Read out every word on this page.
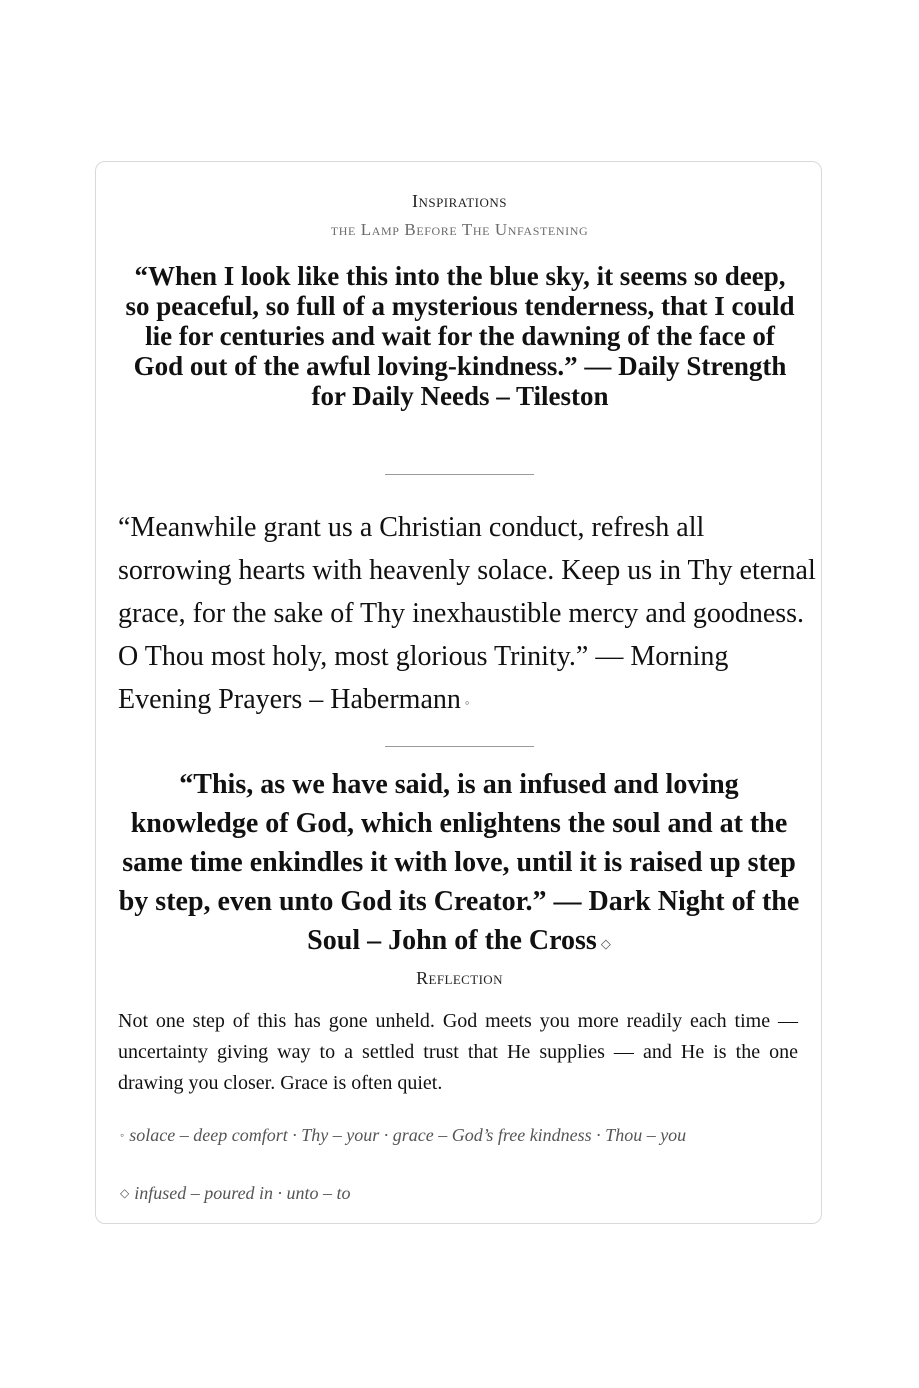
Inspirations
the Lamp Before The Unfastening
“When I look like this into the blue sky, it seems so deep, so peaceful, so full of a mysterious tenderness, that I could lie for centuries and wait for the dawning of the face of God out of the awful loving-kindness.” — Daily Strength for Daily Needs – Tileston
“Meanwhile grant us a Christian conduct, refresh all sorrowing hearts with heavenly solace. Keep us in Thy eternal grace, for the sake of Thy inexhaustible mercy and goodness. O Thou most holy, most glorious Trinity.” — Morning Evening Prayers – Habermann ◦
“This, as we have said, is an infused and loving knowledge of God, which enlightens the soul and at the same time enkindles it with love, until it is raised up step by step, even unto God its Creator.” — Dark Night of the Soul – John of the Cross ◇
Reflection
Not one step of this has gone unheld. God meets you more readily each time — uncertainty giving way to a settled trust that He supplies — and He is the one drawing you closer. Grace is often quiet.
◦ solace – deep comfort · Thy – your · grace – God’s free kindness · Thou – you
◇ infused – poured in · unto – to
